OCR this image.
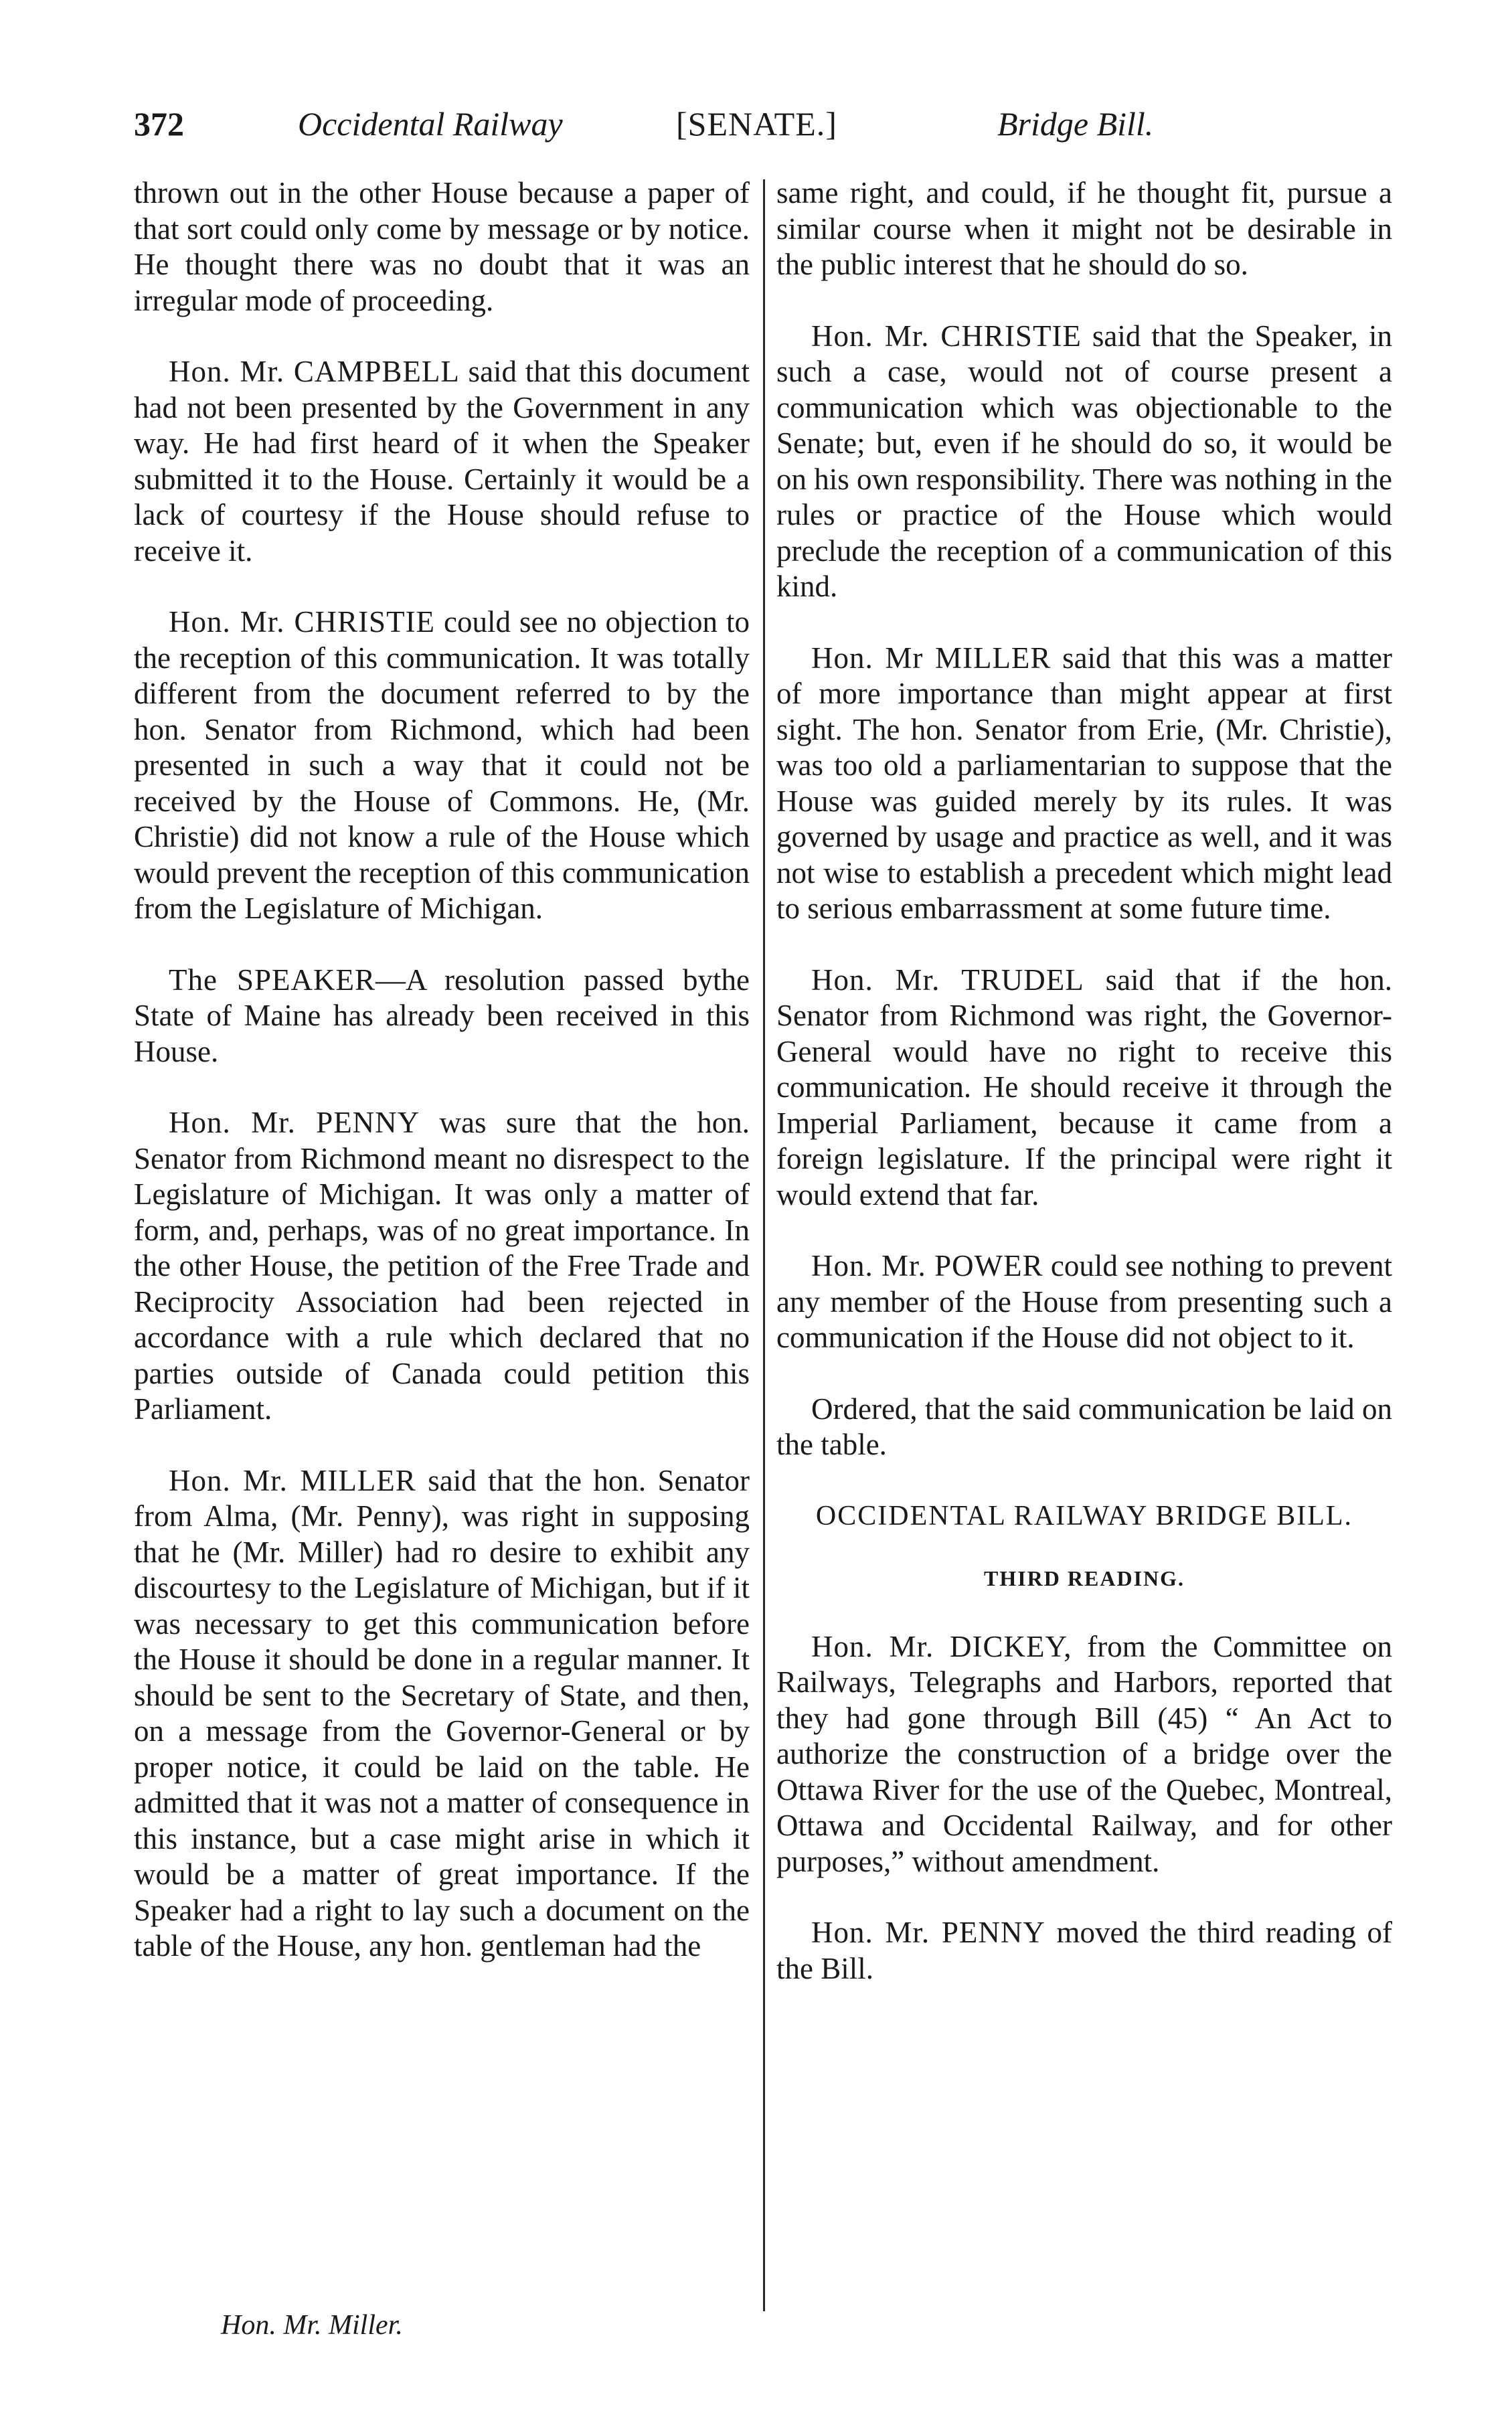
372	Occidental Railway	[SENATE.]	Bridge Bill.

thrown out in the other House because a paper of that sort could only come by message or by notice. He thought there was no doubt that it was an irregular mode of proceeding.

Hon. Mr. CAMPBELL said that this document had not been presented by the Government in any way. He had first heard of it when the Speaker submitted it to the House. Certainly it would be a lack of courtesy if the House should refuse to receive it.

Hon. Mr. CHRISTIE could see no objection to the reception of this communication. It was totally different from the document referred to by the hon. Senator from Richmond, which had been presented in such a way that it could not be received by the House of Commons. He, (Mr. Christie) did not know a rule of the House which would prevent the reception of this communication from the Legislature of Michigan.

The SPEAKER—A resolution passed bythe State of Maine has already been received in this House.

Hon. Mr. PENNY was sure that the hon. Senator from Richmond meant no disrespect to the Legislature of Michigan. It was only a matter of form, and, perhaps, was of no great importance. In the other House, the petition of the Free Trade and Reciprocity Association had been rejected in accordance with a rule which declared that no parties outside of Canada could petition this Parliament.

Hon. Mr. MILLER said that the hon. Senator from Alma, (Mr. Penny), was right in supposing that he (Mr. Miller) had ro desire to exhibit any discourtesy to the Legislature of Michigan, but if it was necessary to get this communication before the House it should be done in a regular manner. It should be sent to the Secretary of State, and then, on a message from the Governor-General or by proper notice, it could be laid on the table. He admitted that it was not a matter of consequence in this instance, but a case might arise in which it would be a matter of great importance. If the Speaker had a right to lay such a document on the table of the House, any hon. gentleman had the

same right, and could, if he thought fit, pursue a similar course when it might not be desirable in the public interest that he should do so.

Hon. Mr. CHRISTIE said that the Speaker, in such a case, would not of course present a communication which was objectionable to the Senate; but, even if he should do so, it would be on his own responsibility. There was nothing in the rules or practice of the House which would preclude the reception of a communication of this kind.

Hon. Mr MILLER said that this was a matter of more importance than might appear at first sight. The hon. Senator from Erie, (Mr. Christie), was too old a parliamentarian to suppose that the House was guided merely by its rules. It was governed by usage and practice as well, and it was not wise to establish a precedent which might lead to serious embarrassment at some future time.

Hon. Mr. TRUDEL said that if the hon. Senator from Richmond was right, the Governor-General would have no right to receive this communication. He should receive it through the Imperial Parliament, because it came from a foreign legislature. If the principal were right it would extend that far.

Hon. Mr. POWER could see nothing to prevent any member of the House from presenting such a communication if the House did not object to it.

Ordered, that the said communication be laid on the table.

OCCIDENTAL RAILWAY BRIDGE BILL.
THIRD READING.

Hon. Mr. DICKEY, from the Committee on Railways, Telegraphs and Harbors, reported that they had gone through Bill (45) “ An Act to authorize the construction of a bridge over the Ottawa River for the use of the Quebec, Montreal, Ottawa and Occidental Railway, and for other purposes,” without amendment.

Hon. Mr. PENNY moved the third reading of the Bill.

Hon. Mr. Miller.
